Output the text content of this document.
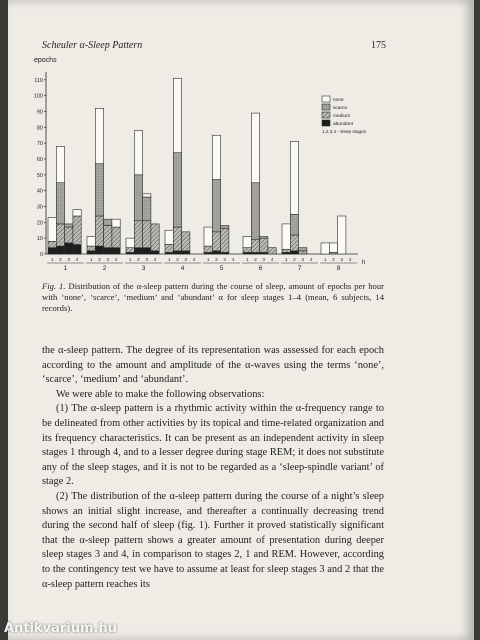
Scheuler α-Sleep Pattern	175
epochs
0
10
20
30
40
50
60
70
80
90
100
110
1 2 3 4
1
1 2 3 4
2
1 2 3 4
3
1 2 3 4
4
1 2 3 4
5
1 2 3 4
6
1 2 3 4
7
1 2 3 4
8
h
none
scarce
medium
abundant
1,2,3,4 - sleep stages
Fig. 1. Distribution of the α-sleep pattern during the course of sleep, amount of epochs per hour with ‘none’, ‘scarce’, ‘medium’ and ‘abundant’ α for sleep stages 1–4 (mean, 6 subjects, 14 records).

the α-sleep pattern. The degree of its representation was assessed for each epoch according to the amount and amplitude of the α-waves using the terms ‘none’, ‘scarce’, ‘medium’ and ‘abundant’.

We were able to make the following observations:

(1) The α-sleep pattern is a rhythmic activity within the α-frequency range to be delineated from other activities by its topical and time-related organization and its frequency characteristics. It can be present as an independent activity in sleep stages 1 through 4, and to a lesser degree during stage REM; it does not substitute any of the sleep stages, and it is not to be regarded as a ‘sleep-spindle variant’ of stage 2.

(2) The distribution of the α-sleep pattern during the course of a night’s sleep shows an initial slight increase, and thereafter a continually decreasing trend during the second half of sleep (fig. 1). Further it proved statistically significant that the α-sleep pattern shows a greater amount of presentation during deeper sleep stages 3 and 4, in comparison to stages 2, 1 and REM. However, according to the contingency test we have to assume at least for sleep stages 3 and 2 that the α-sleep pattern reaches its

Antikvarium.hu
